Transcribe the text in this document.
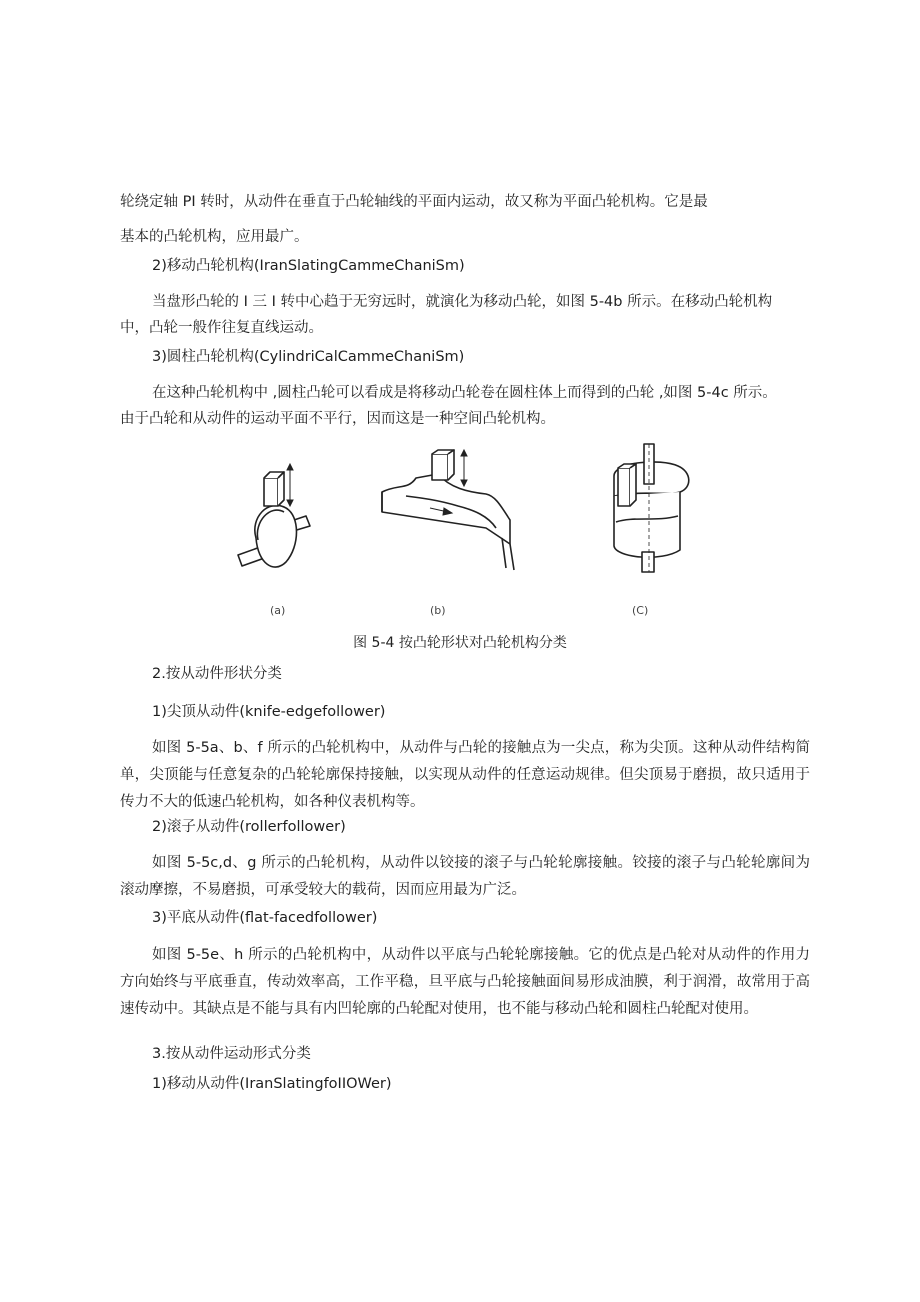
轮绕定轴 PI 转时，从动件在垂直于凸轮轴线的平面内运动，故又称为平面凸轮机构。它是最
基本的凸轮机构，应用最广。
2)移动凸轮机构(IranSlatingCammeChaniSm)
当盘形凸轮的 I 三 I 转中心趋于无穷远时，就演化为移动凸轮，如图 5-4b 所示。在移动凸轮机构
中，凸轮一般作往复直线运动。
3)圆柱凸轮机构(CylindriCalCammeChaniSm)
在这种凸轮机构中 ,圆柱凸轮可以看成是将移动凸轮卷在圆柱体上而得到的凸轮 ,如图 5-4c 所示。
由于凸轮和从动件的运动平面不平行，因而这是一种空间凸轮机构。
(a)	(b)	(C)
图 5-4 按凸轮形状对凸轮机构分类
2.按从动件形状分类
1)尖顶从动件(knife-edgefollower)

如图 5-5a、b、f 所示的凸轮机构中，从动件与凸轮的接触点为一尖点，称为尖顶。这种从动件结构简单，尖顶能与任意复杂的凸轮轮廓保持接触，以实现从动件的任意运动规律。但尖顶易于磨损，故只适用于传力不大的低速凸轮机构，如各种仪表机构等。

2)滚子从动件(rollerfollower)

如图 5-5c,d、g 所示的凸轮机构，从动件以铰接的滚子与凸轮轮廓接触。铰接的滚子与凸轮轮廓间为滚动摩擦，不易磨损，可承受较大的载荷，因而应用最为广泛。

3)平底从动件(flat-facedfollower)

如图 5-5e、h 所示的凸轮机构中，从动件以平底与凸轮轮廓接触。它的优点是凸轮对从动件的作用力方向始终与平底垂直，传动效率高，工作平稳，旦平底与凸轮接触面间易形成油膜，利于润滑，故常用于高速传动中。其缺点是不能与具有内凹轮廓的凸轮配对使用，也不能与移动凸轮和圆柱凸轮配对使用。

3.按从动件运动形式分类
1)移动从动件(IranSlatingfoIIOWer)
